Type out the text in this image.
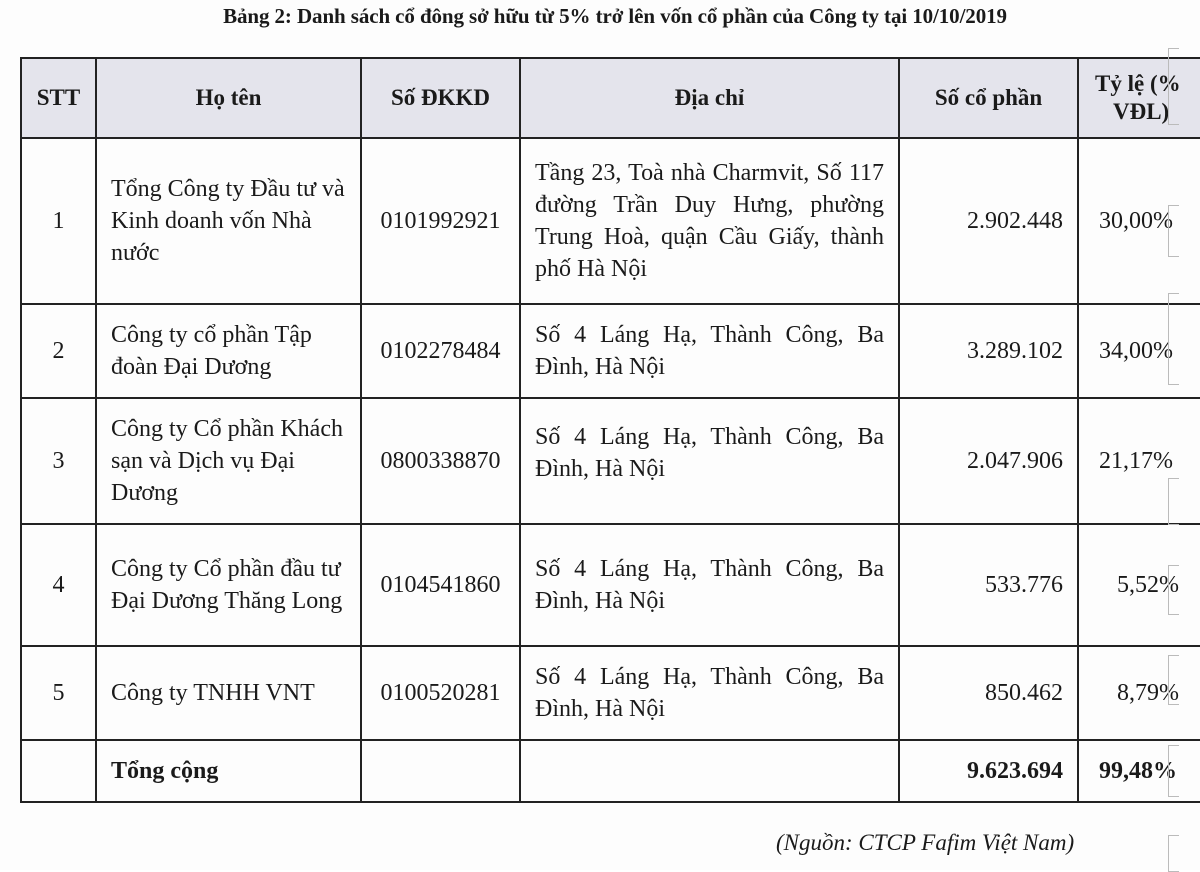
Bảng 2: Danh sách cổ đông sở hữu từ 5% trở lên vốn cổ phần của Công ty tại 10/10/2019
STT	Họ tên	Số ĐKKD	Địa chỉ	Số cổ phần	Tỷ lệ (%
VĐL)

1	Tổng Công ty Đầu tư và Kinh doanh vốn Nhà nước	0101992921	Tầng 23, Toà nhà Charmvit, Số 117 đường Trần Duy Hưng, phường Trung Hoà, quận Cầu Giấy, thành phố Hà Nội	2.902.448	30,00%
2	Công ty cổ phần Tập đoàn Đại Dương	0102278484	Số 4 Láng Hạ, Thành Công, Ba Đình, Hà Nội	3.289.102	34,00%
3	Công ty Cổ phần Khách sạn và Dịch vụ Đại Dương	0800338870	Số 4 Láng Hạ, Thành Công, Ba Đình, Hà Nội	2.047.906	21,17%
4	Công ty Cổ phần đầu tư Đại Dương Thăng Long	0104541860	Số 4 Láng Hạ, Thành Công, Ba Đình, Hà Nội	533.776	5,52%
5	Công ty TNHH VNT	0100520281	Số 4 Láng Hạ, Thành Công, Ba Đình, Hà Nội	850.462	8,79%
	Tổng cộng			9.623.694	99,48%
(Nguồn: CTCP Fafim Việt Nam)
